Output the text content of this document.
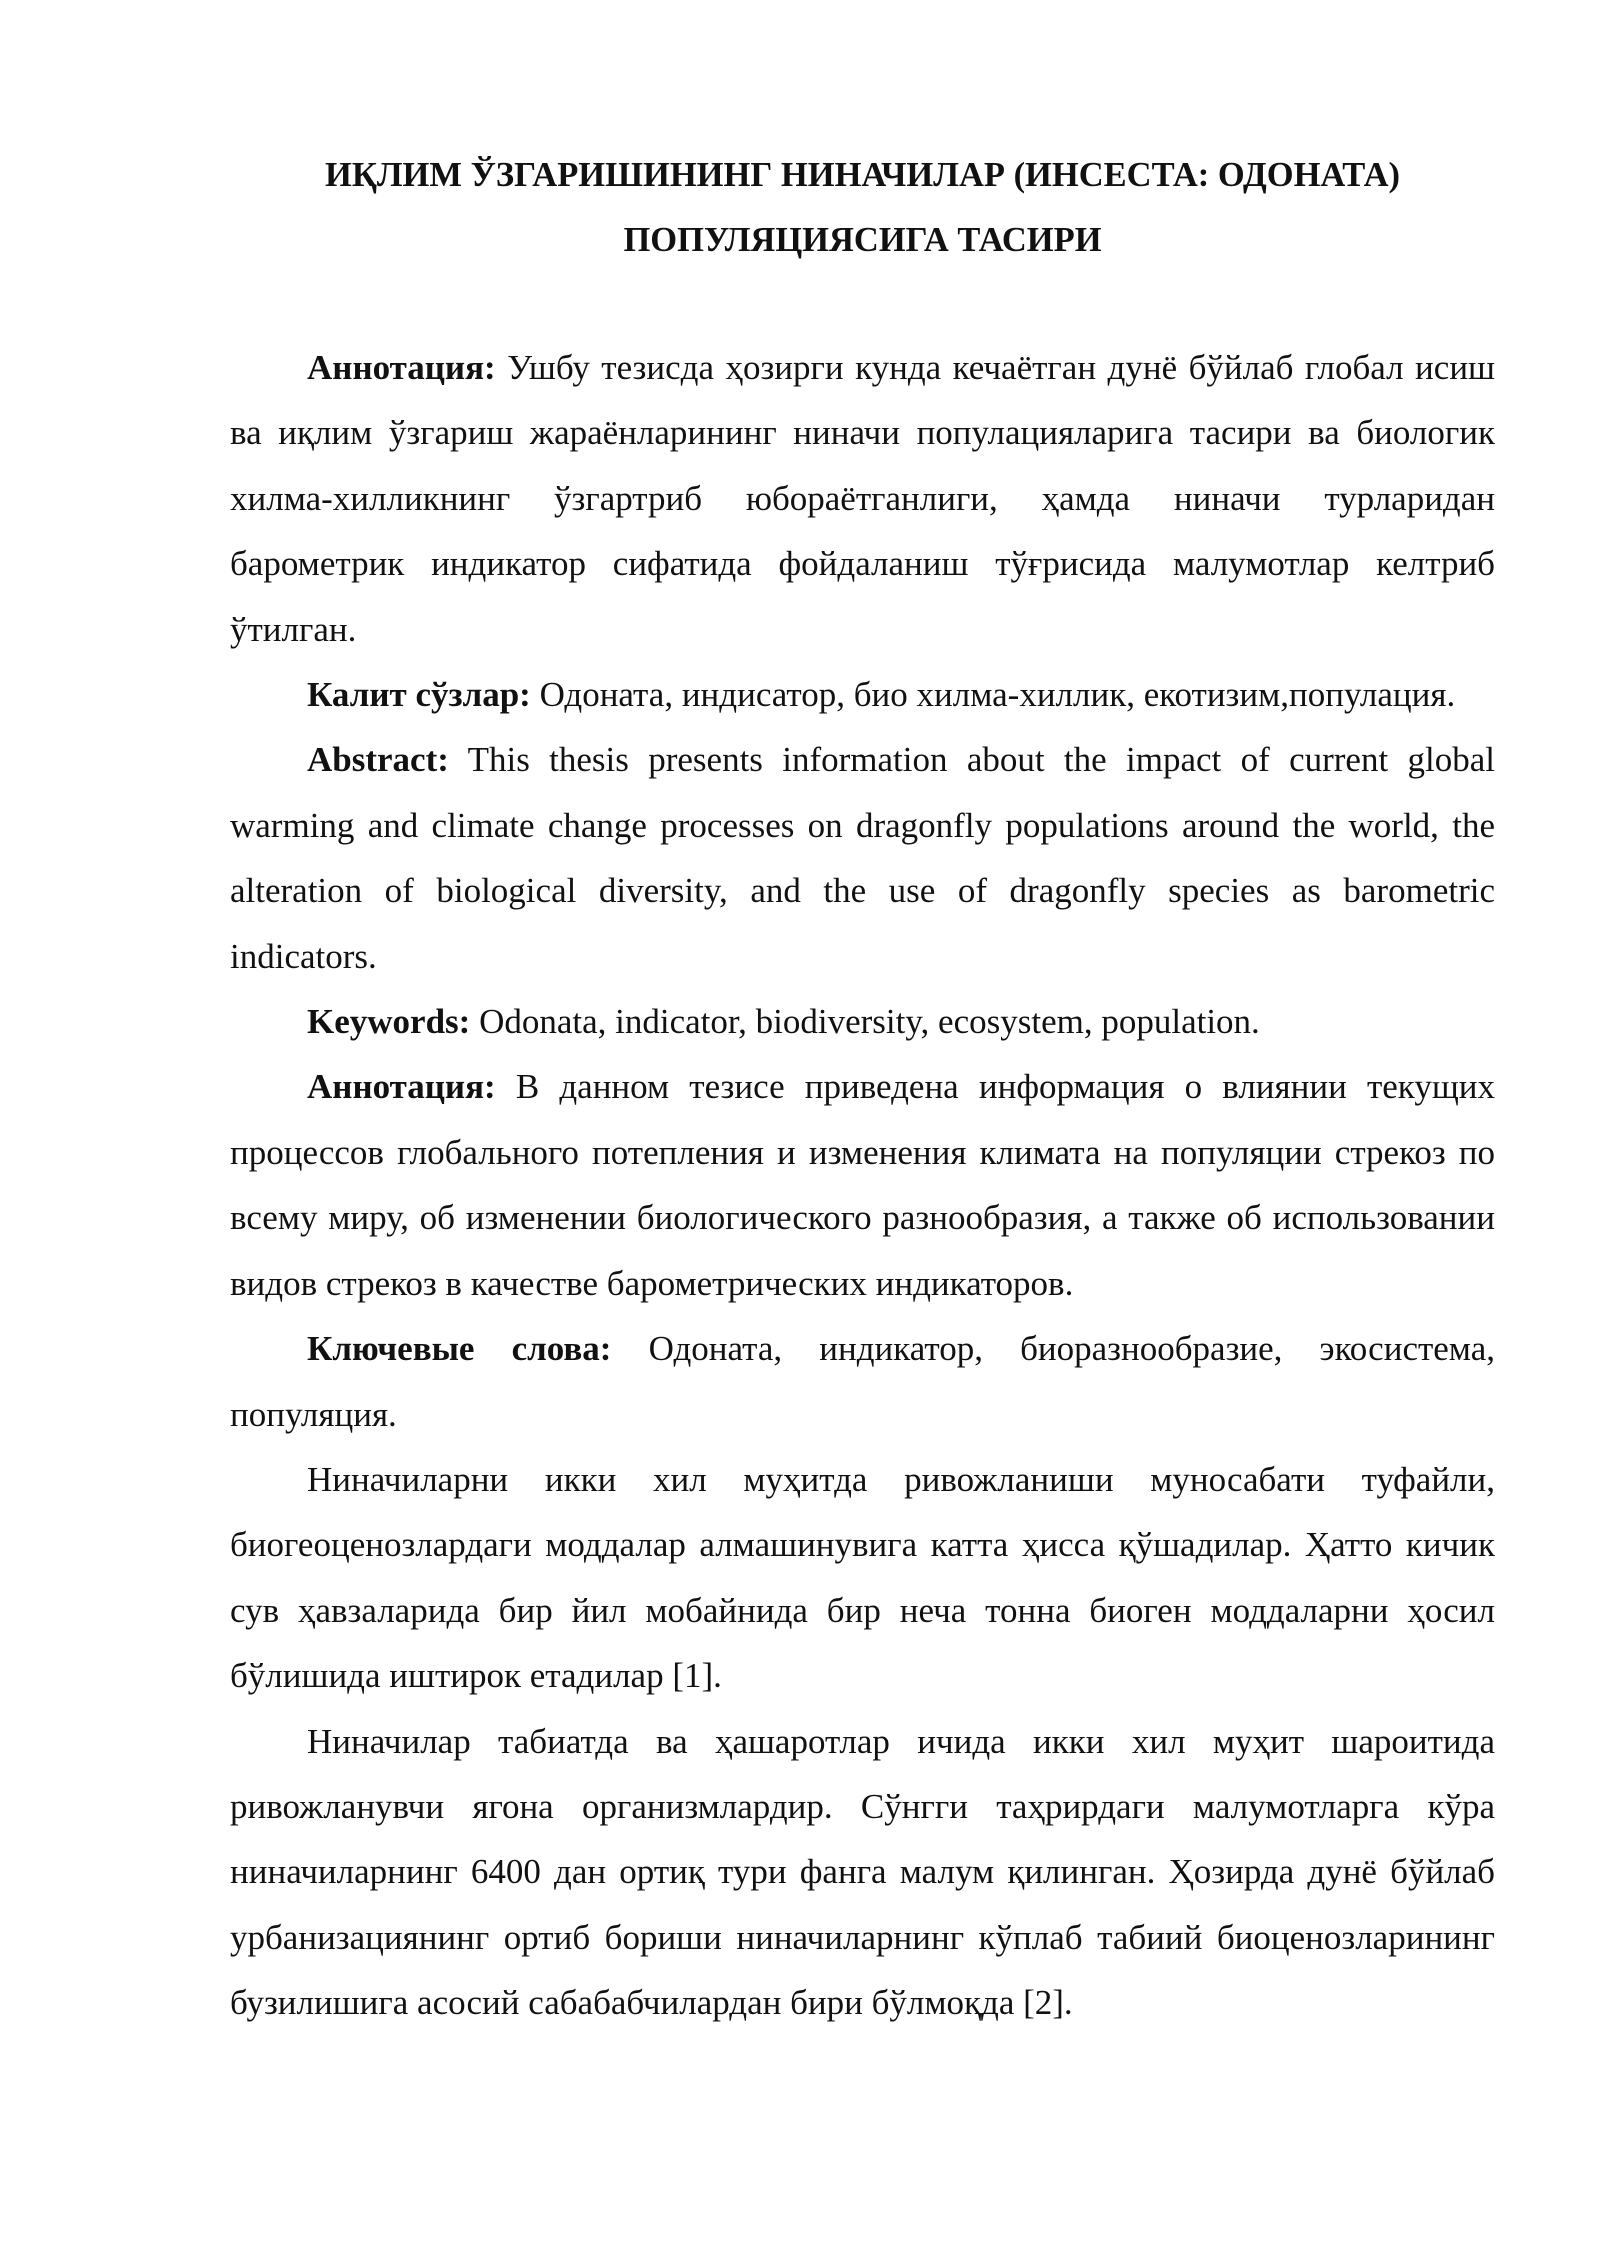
ИҚЛИМ ЎЗГАРИШИНИНГ НИНАЧИЛАР (ИНСЕСТА: ОДОНАТА)
ПОПУЛЯЦИЯСИГА ТАСИРИ

Аннотация: Ушбу тезисда ҳозирги кунда кечаётган дунё бўйлаб глобал исиш ва иқлим ўзгариш жараёнларининг ниначи популацияларига тасири ва биологик хилма-хилликнинг ўзгартриб юбораётганлиги, ҳамда ниначи турларидан барометрик индикатор сифатида фойдаланиш тўғрисида малумотлар келтриб ўтилган.

Калит сўзлар: Одоната, индисатор, био хилма-хиллик, екотизим,популация.

Abstract: This thesis presents information about the impact of current global warming and climate change processes on dragonfly populations around the world, the alteration of biological diversity, and the use of dragonfly species as barometric indicators.

Keywords: Odonata, indicator, biodiversity, ecosystem, population.

Аннотация: В данном тезисе приведена информация о влиянии текущих процессов глобального потепления и изменения климата на популяции стрекоз по всему миру, об изменении биологического разнообразия, а также об использовании видов стрекоз в качестве барометрических индикаторов.

Ключевые слова: Одоната, индикатор, биоразнообразие, экосистема, популяция.

Ниначиларни икки хил муҳитда ривожланиши муносабати туфайли, биогеоценозлардаги моддалар алмашинувига катта ҳисса қўшадилар. Ҳатто кичик сув ҳавзаларида бир йил мобайнида бир неча тонна биоген моддаларни ҳосил бўлишида иштирок етадилар [1].

Ниначилар табиатда ва ҳашаротлар ичида икки хил муҳит шароитида ривожланувчи ягона организмлардир. Сўнгги таҳрирдаги малумотларга кўра ниначиларнинг 6400 дан ортиқ тури фанга малум қилинган. Ҳозирда дунё бўйлаб урбанизациянинг ортиб бориши ниначиларнинг кўплаб табиий биоценозларининг бузилишига асосий сабабабчилардан бири бўлмоқда [2].
